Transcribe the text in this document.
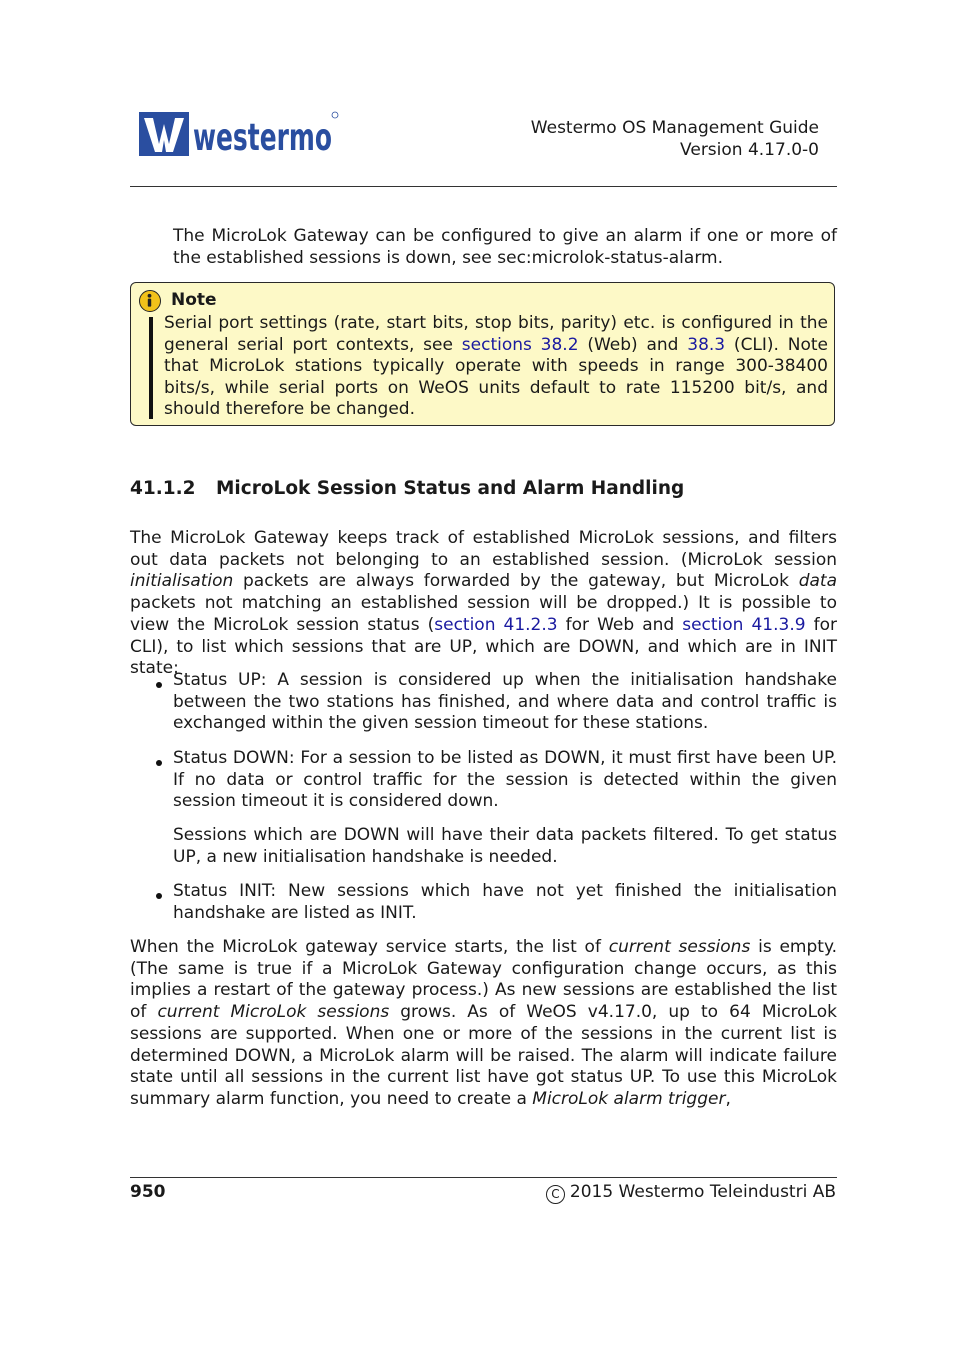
westermo	Westermo OS Management Guide
Version 4.17.0-0
The MicroLok Gateway can be configured to give an alarm if one or more of the established sessions is down, see sec:microlok-status-alarm.
Note
Serial port settings (rate, start bits, stop bits, parity) etc. is configured in the general serial port contexts, see sections 38.2 (Web) and 38.3 (CLI). Note that MicroLok stations typically operate with speeds in range 300-38400 bits/s, while serial ports on WeOS units default to rate 115200 bit/s, and should therefore be changed.
41.1.2 MicroLok Session Status and Alarm Handling
The MicroLok Gateway keeps track of established MicroLok sessions, and filters out data packets not belonging to an established session. (MicroLok session initialisation packets are always forwarded by the gateway, but MicroLok data packets not matching an established session will be dropped.) It is possible to view the MicroLok session status (section 41.2.3 for Web and section 41.3.9 for CLI), to list which sessions that are UP, which are DOWN, and which are in INIT state:
Status UP: A session is considered up when the initialisation handshake between the two stations has finished, and where data and control traffic is exchanged within the given session timeout for these stations.
Status DOWN: For a session to be listed as DOWN, it must first have been UP. If no data or control traffic for the session is detected within the given session timeout it is considered down.
Sessions which are DOWN will have their data packets filtered. To get status UP, a new initialisation handshake is needed.
Status INIT: New sessions which have not yet finished the initialisation handshake are listed as INIT.
When the MicroLok gateway service starts, the list of current sessions is empty. (The same is true if a MicroLok Gateway configuration change occurs, as this implies a restart of the gateway process.) As new sessions are established the list of current MicroLok sessions grows. As of WeOS v4.17.0, up to 64 MicroLok sessions are supported. When one or more of the sessions in the current list is determined DOWN, a MicroLok alarm will be raised. The alarm will indicate failure state until all sessions in the current list have got status UP. To use this MicroLok summary alarm function, you need to create a MicroLok alarm trigger,
950	C 2015 Westermo Teleindustri AB
